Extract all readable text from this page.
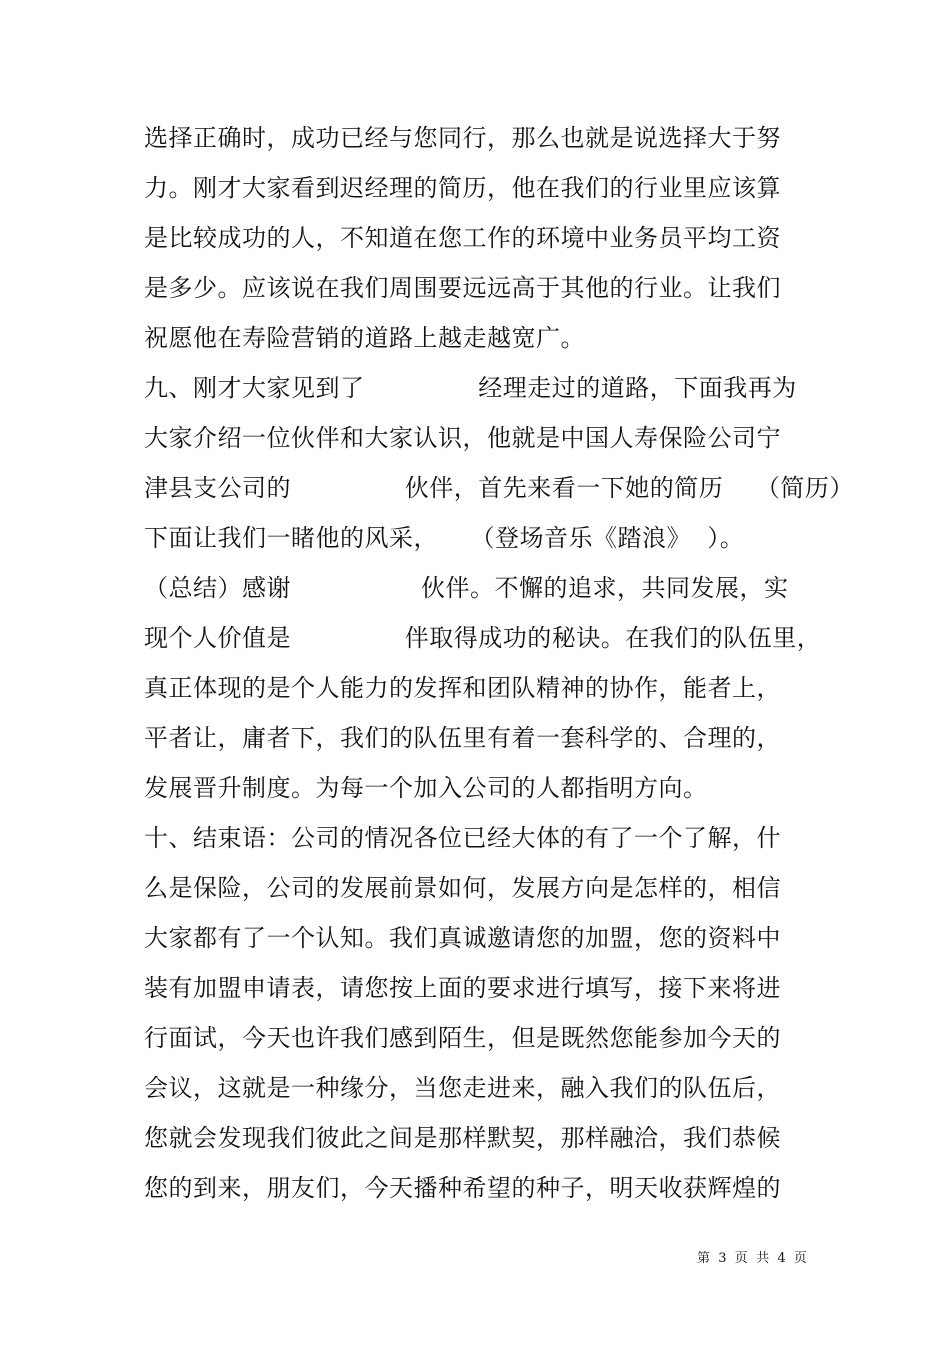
选择正确时，成功已经与您同行，那么也就是说选择大于努
力。刚才大家看到迟经理的简历，他在我们的行业里应该算
是比较成功的人，不知道在您工作的环境中业务员平均工资
是多少。应该说在我们周围要远远高于其他的行业。让我们
祝愿他在寿险营销的道路上越走越宽广。
九、刚才大家见到了              经理走过的道路，下面我再为
大家介绍一位伙伴和大家认识，他就是中国人寿保险公司宁
津县支公司的              伙伴，首先来看一下她的简历    （简历）
下面让我们一睹他的风采，    （登场音乐《踏浪》  ）。
（总结）感谢                伙伴。不懈的追求，共同发展，实
现个人价值是              伴取得成功的秘诀。在我们的队伍里，
真正体现的是个人能力的发挥和团队精神的协作，能者上，
平者让，庸者下，我们的队伍里有着一套科学的、合理的，
发展晋升制度。为每一个加入公司的人都指明方向。
十、结束语：公司的情况各位已经大体的有了一个了解，什
么是保险，公司的发展前景如何，发展方向是怎样的，相信
大家都有了一个认知。我们真诚邀请您的加盟，您的资料中
装有加盟申请表，请您按上面的要求进行填写，接下来将进
行面试，今天也许我们感到陌生，但是既然您能参加今天的
会议，这就是一种缘分，当您走进来，融入我们的队伍后，
您就会发现我们彼此之间是那样默契，那样融洽，我们恭候
您的到来，朋友们，今天播种希望的种子，明天收获辉煌的
第  3  页  共  4  页
